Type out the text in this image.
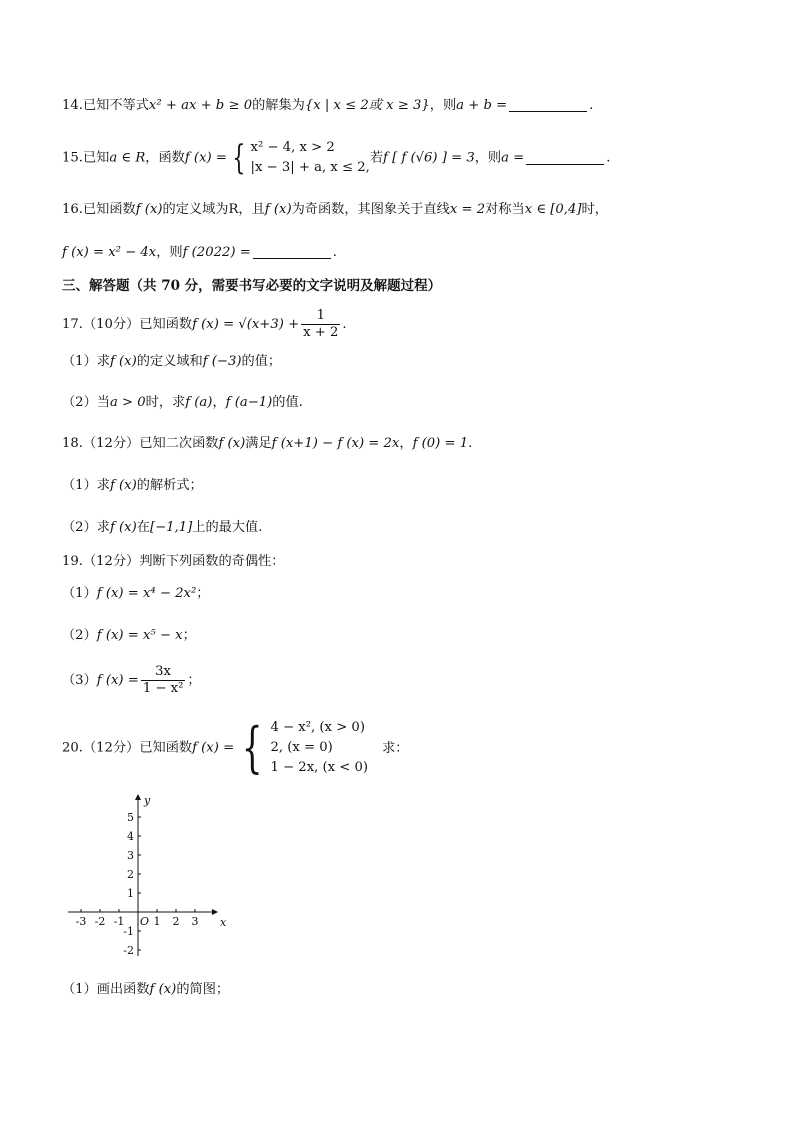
14.已知不等式x² + ax + b ≥ 0的解集为{x | x ≤ 2或 x ≥ 3}，则a + b =	.
15.已知a ∈ R，函数f (x) = { x² − 4, x > 2
|x − 3| + a, x ≤ 2,
若f [ f (√6) ] = 3，则a =	.
16.已知函数f (x)的定义域为R，且f (x)为奇函数，其图象关于直线x = 2对称当x ∈ [0,4]时，
f (x) = x² − 4x，则f (2022) =	.
三、解答题（共 70 分，需要书写必要的文字说明及解题过程）
17.（10分）已知函数f $(x) = √(x+3) + \frac{1}{x + 2}$ .
（1）求f (x)的定义域和f (−3)的值；
（2）当a > 0时，求f (a)，f (a−1)的值.
18.（12分）已知二次函数f (x)满足f (x+1) − f (x) = 2x，f (0) = 1.
（1）求f (x)的解析式；
（2）求f (x)在[−1,1]上的最大值.
19.（12分）判断下列函数的奇偶性：
（1）f (x) = x⁴ − 2x²；
（2）f (x) = x⁵ − x；
（3）f $(x) = \frac{3x}{\text{1 − x²}}$ ；
20.（12分）已知函数f (x) = { 4 − x², (x > 0)
2, (x = 0)
1 − 2x, (x < 0)
求：
-3 -2 -1	1 2 3
-2
-1
1
2
3
4
5
O	x
y
（1）画出函数f (x)的简图；
